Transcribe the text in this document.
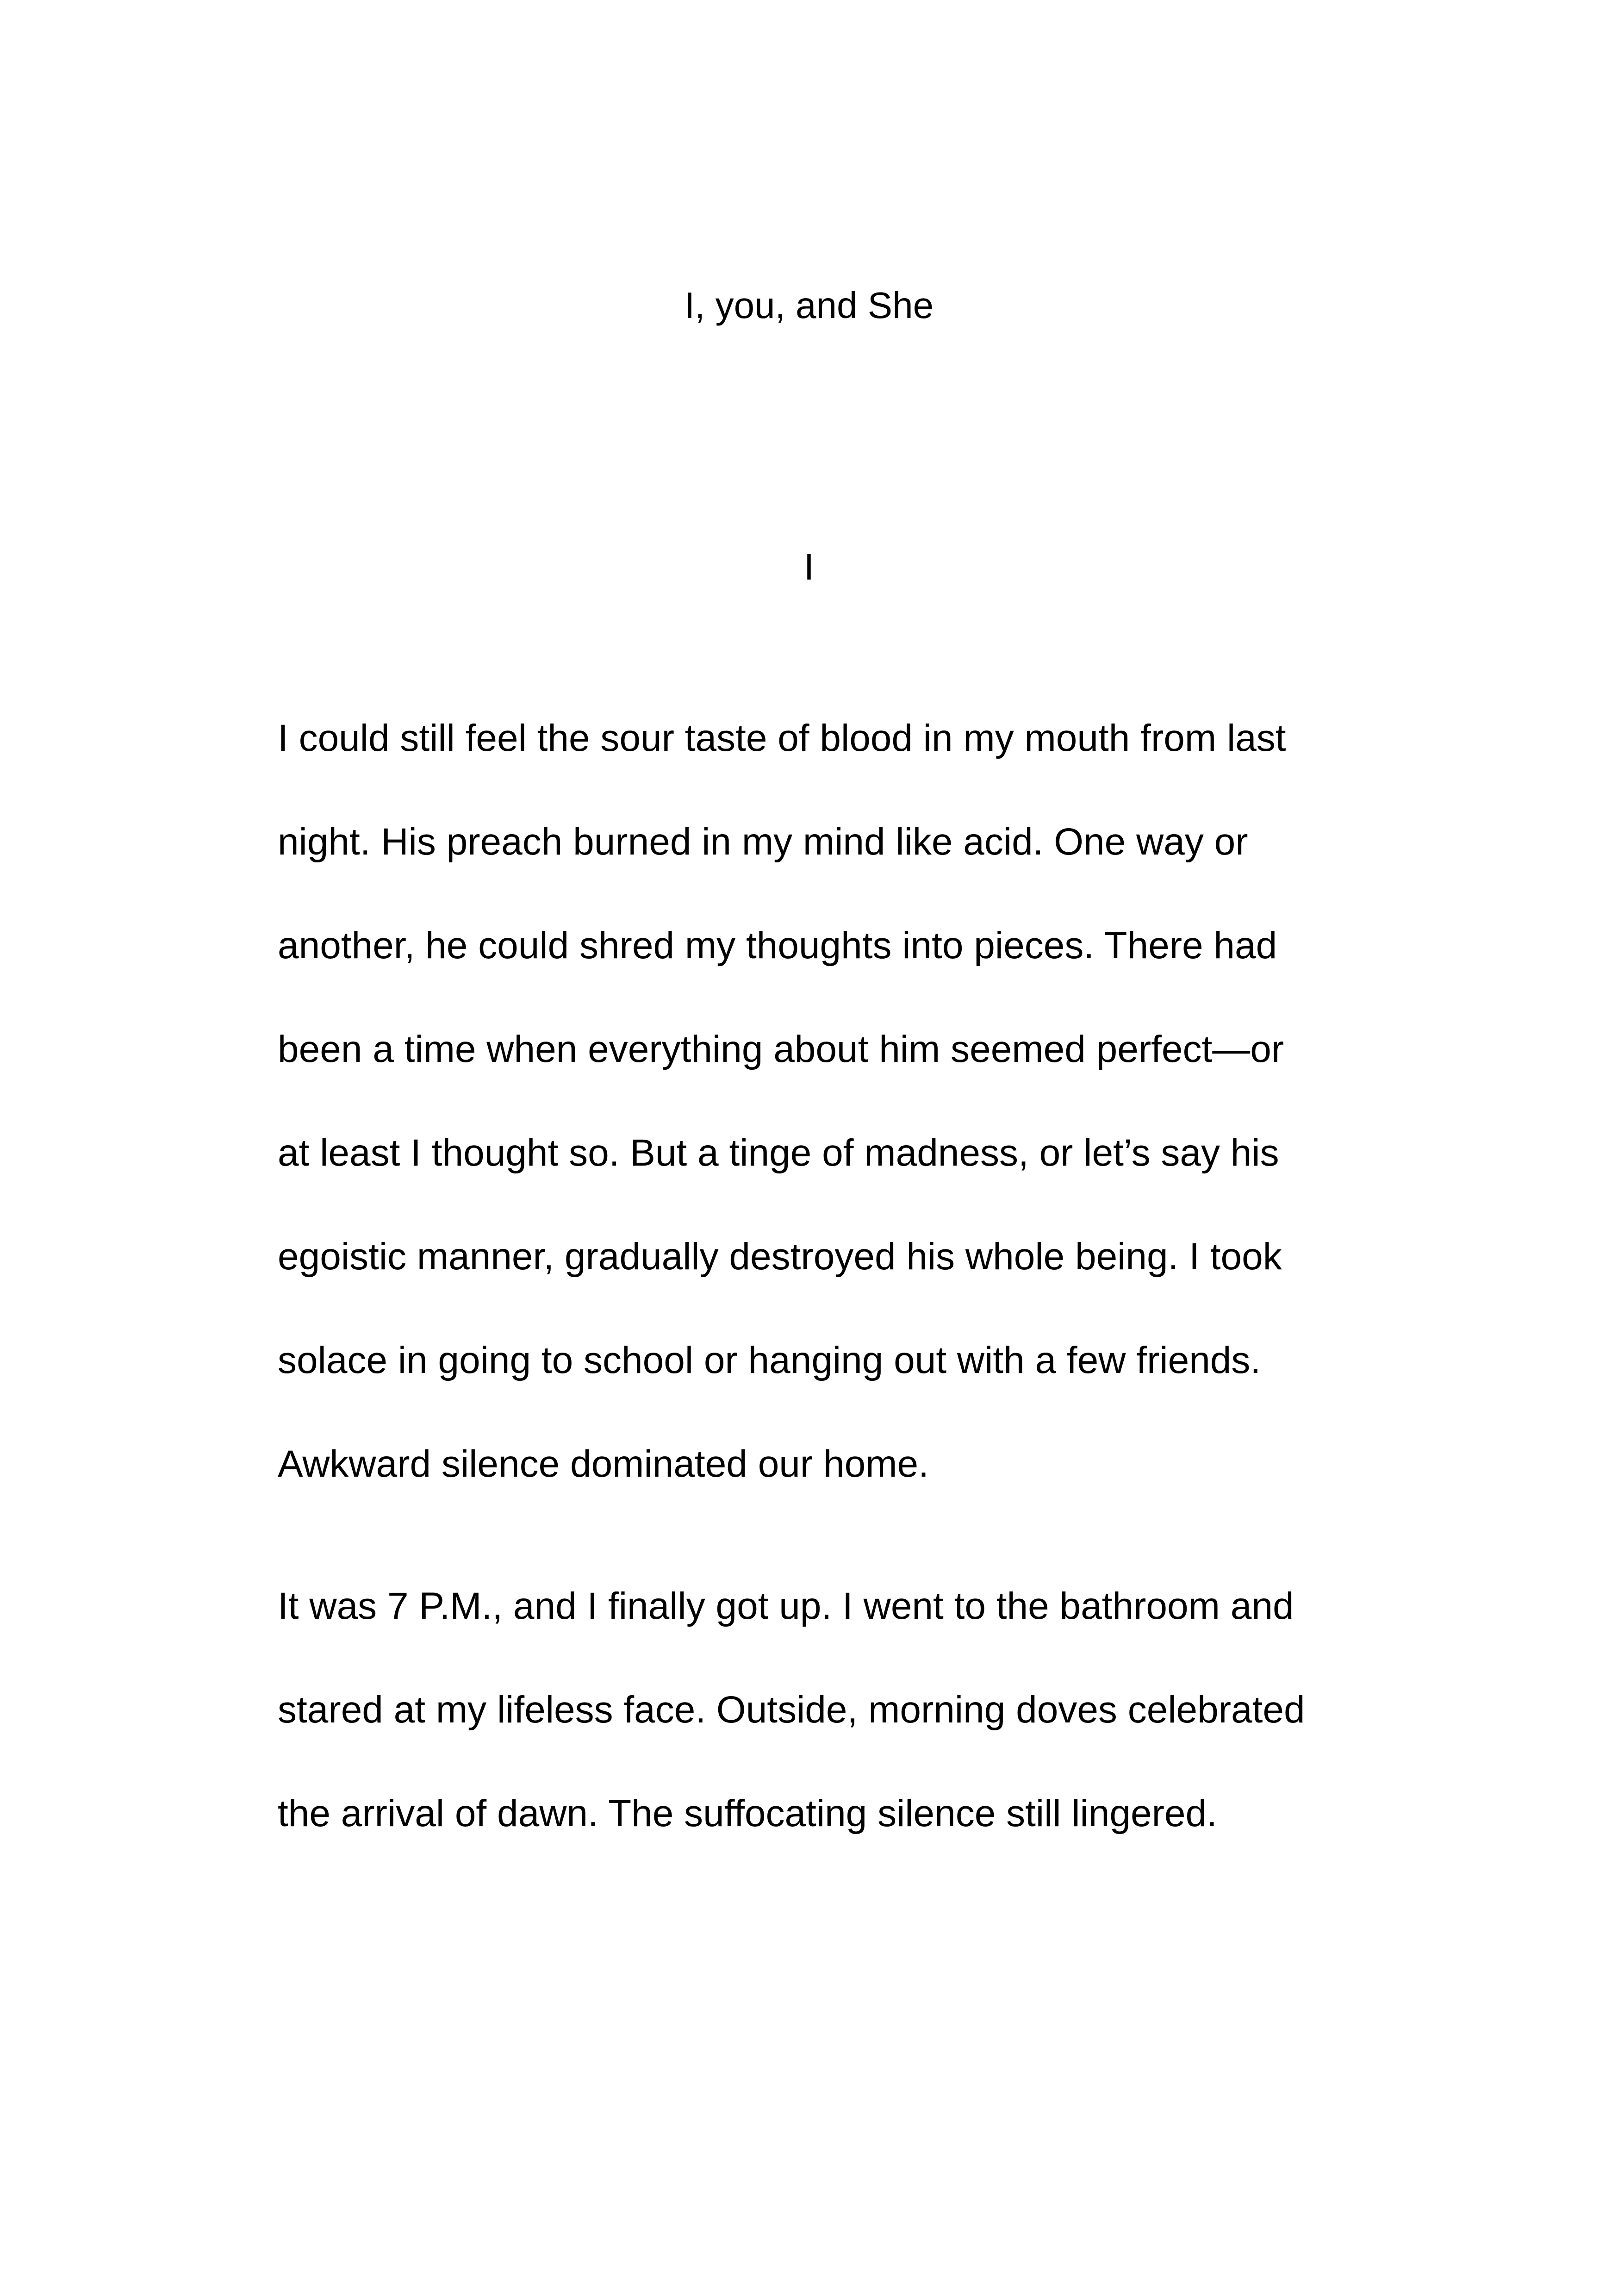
I, you, and She
I
I could still feel the sour taste of blood in my mouth from last
night. His preach burned in my mind like acid. One way or
another, he could shred my thoughts into pieces. There had
been a time when everything about him seemed perfect—or
at least I thought so. But a tinge of madness, or let’s say his
egoistic manner, gradually destroyed his whole being. I took
solace in going to school or hanging out with a few friends.
Awkward silence dominated our home.
It was 7 P.M., and I finally got up. I went to the bathroom and
stared at my lifeless face. Outside, morning doves celebrated
the arrival of dawn. The suffocating silence still lingered.
